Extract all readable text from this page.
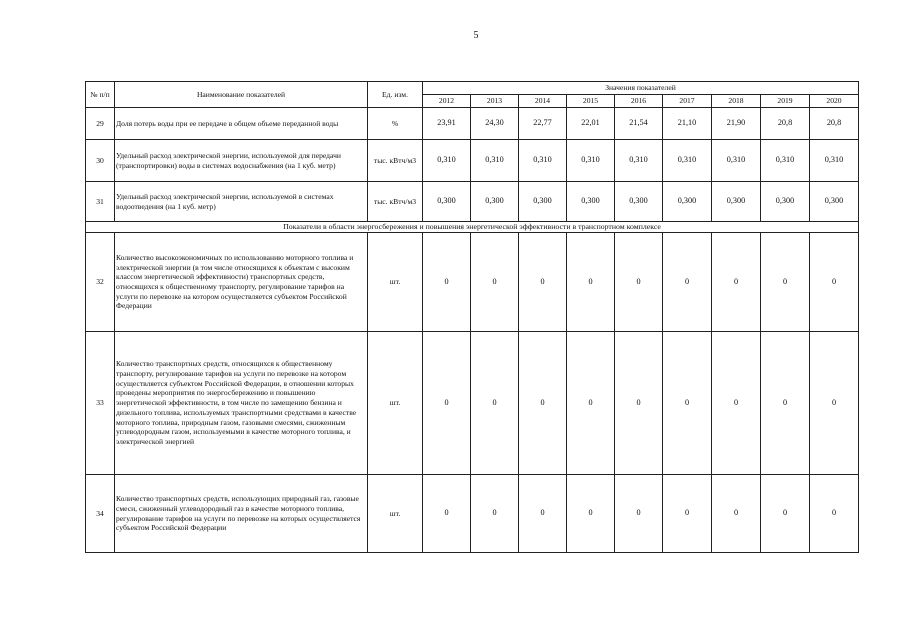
5
№ п/п	Наименование показателей	Ед. изм.	Значения показателей								
			2012	2013	2014	2015	2016	2017	2018	2019	2020
29	Доля потерь воды при ее передаче в общем объеме переданной воды	%	23,91	24,30	22,77	22,01	21,54	21,10	21,90	20,8	20,8
30	Удельный расход электрической энергии, используемой для передачи (транспортировки) воды в системах водоснабжения (на 1 куб. метр)	тыс. кВтч/м3	0,310	0,310	0,310	0,310	0,310	0,310	0,310	0,310	0,310
31	Удельный расход электрической энергии, используемой в системах водоотведения (на 1 куб. метр)	тыс. кВтч/м3	0,300	0,300	0,300	0,300	0,300	0,300	0,300	0,300	0,300
Показатели в области энергосбережения и повышения энергетической эффективности в транспортном комплексе											
32	Количество высокоэкономичных по использованию моторного топлива и электрической энергии (в том числе относящихся к объектам с высоким классом энергетической эффективности) транспортных средств, относящихся к общественному транспорту, регулирование тарифов на услуги по перевозке на котором осуществляется субъектом Российской Федерации	шт.	0	0	0	0	0	0	0	0	0
33	Количество транспортных средств, относящихся к общественному транспорту, регулирование тарифов на услуги по перевозке на котором осуществляется субъектом Российской Федерации, в отношении которых проведены мероприятия по энергосбережению и повышению энергетической эффективности, в том числе по замещению бензина и дизельного топлива, используемых транспортными средствами в качестве моторного топлива, природным газом, газовыми смесями, сжиженным углеводородным газом, используемыми в качестве моторного топлива, и электрической энергией	шт.	0	0	0	0	0	0	0	0	0
34	Количество транспортных средств, использующих природный газ, газовые смеси, сжиженный углеводородный газ в качестве моторного топлива, регулирование тарифов на услуги по перевозке на которых осуществляется субъектом Российской Федерации	шт.	0	0	0	0	0	0	0	0	0
